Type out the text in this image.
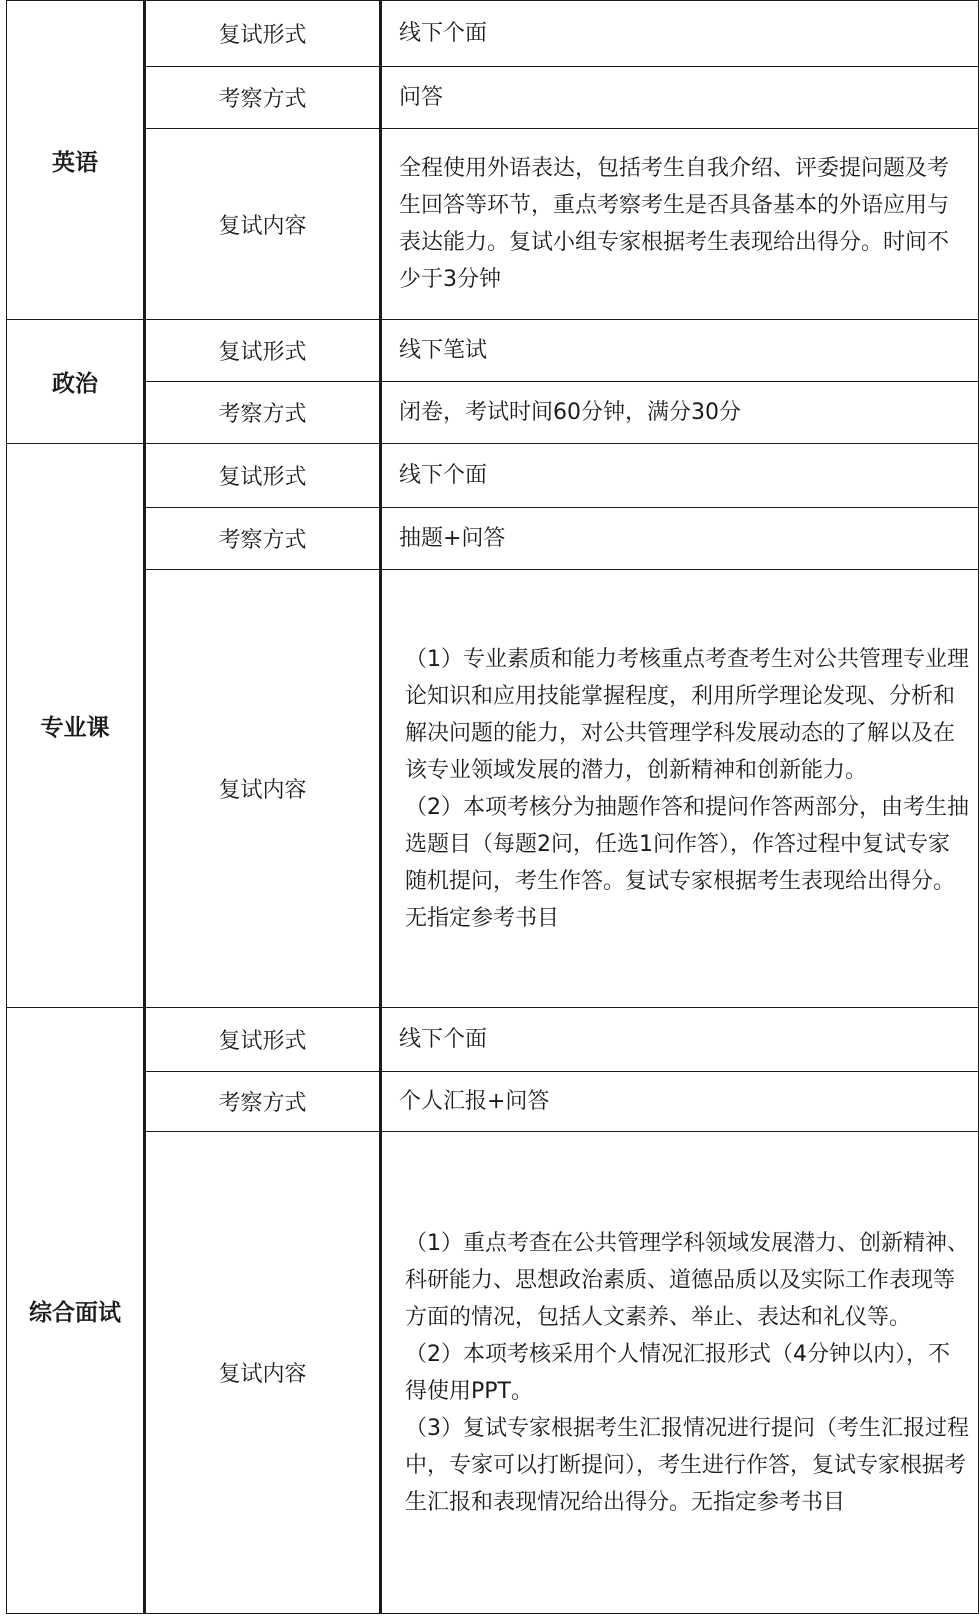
英语	复试形式	线下个面
	考察方式	问答
	复试内容	全程使用外语表达，包括考生自我介绍、评委提问题及考生回答等环节，重点考察考生是否具备基本的外语应用与表达能力。复试小组专家根据考生表现给出得分。时间不少于3分钟

政治	复试形式	线下笔试
	考察方式	闭卷，考试时间60分钟，满分30分
专业课	复试形式	线下个面
	考察方式	抽题+问答
	复试内容	（1）专业素质和能力考核重点考查考生对公共管理专业理论知识和应用技能掌握程度，利用所学理论发现、分析和解决问题的能力，对公共管理学科发展动态的了解以及在该专业领域发展的潜力，创新精神和创新能力。
（2）本项考核分为抽题作答和提问作答两部分，由考生抽选题目（每题2问，任选1问作答），作答过程中复试专家随机提问，考生作答。复试专家根据考生表现给出得分。无指定参考书目

综合面试	复试形式	线下个面
	考察方式	个人汇报+问答
	复试内容	（1）重点考查在公共管理学科领域发展潜力、创新精神、科研能力、思想政治素质、道德品质以及实际工作表现等方面的情况，包括人文素养、举止、表达和礼仪等。
（2）本项考核采用个人情况汇报形式（4分钟以内），不得使用PPT。
（3）复试专家根据考生汇报情况进行提问（考生汇报过程中，专家可以打断提问），考生进行作答，复试专家根据考生汇报和表现情况给出得分。无指定参考书目
